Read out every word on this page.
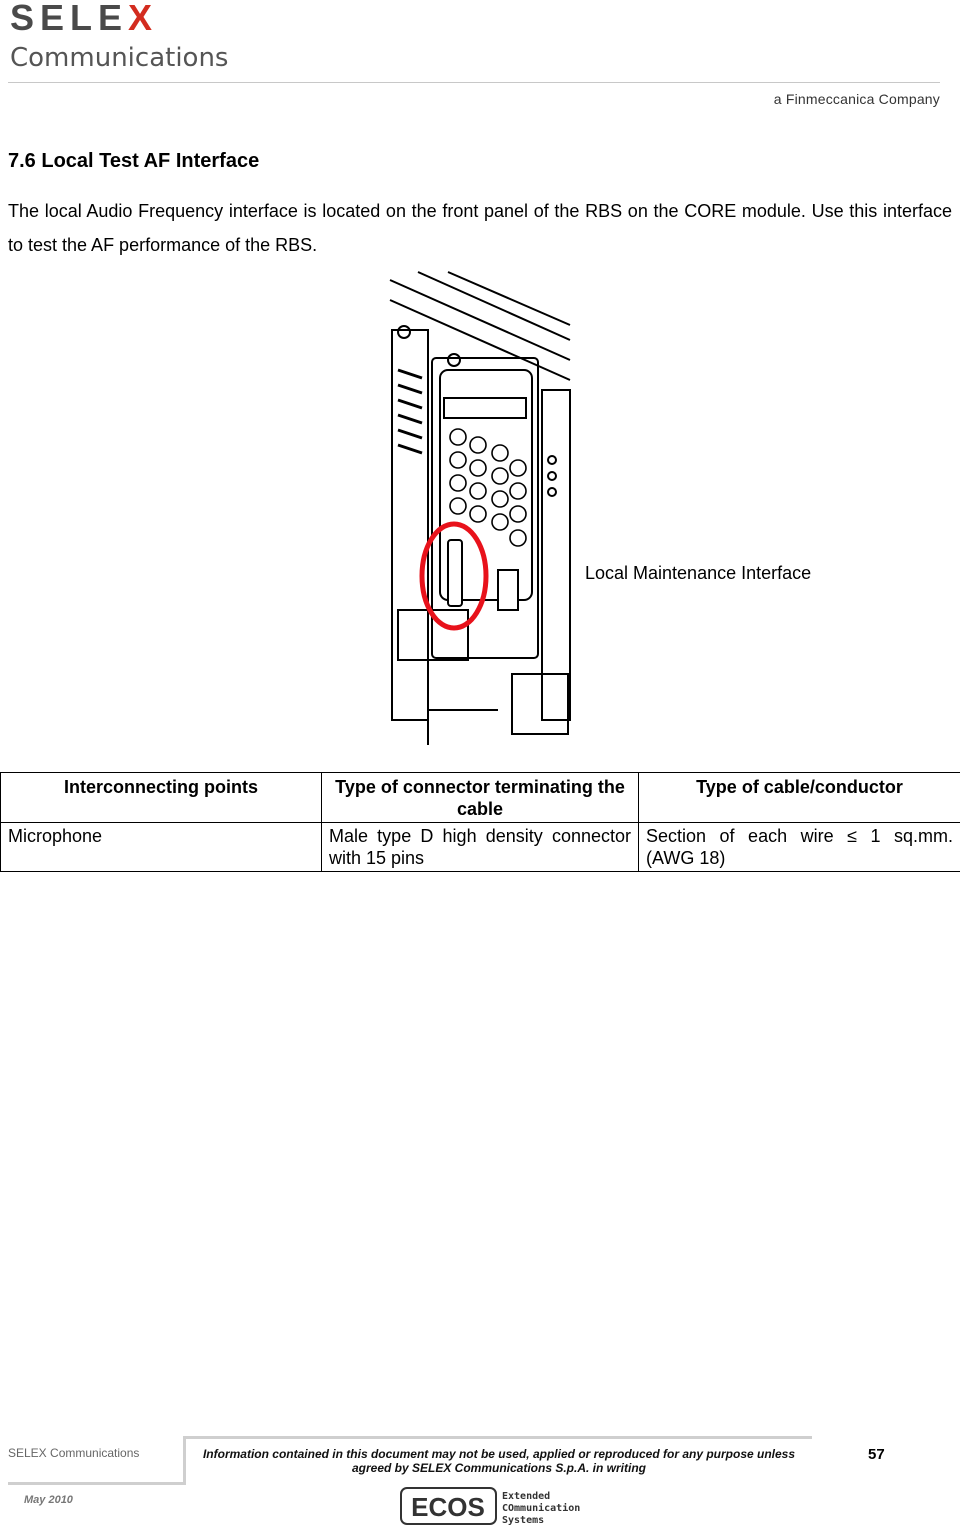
SELEX
Communications
a Finmeccanica Company
7.6 Local Test AF Interface
The local Audio Frequency interface is located on the front panel of the RBS on the CORE module. Use this interface to test the AF performance of the RBS.
Local Maintenance Interface
Interconnecting points	Type of connector terminating the cable	Type of cable/conductor
Microphone	Male type D high density connector with 15 pins	Section of each wire ≤ 1 sq.mm. (AWG 18)
SELEX Communications	Information contained in this document may not be used, applied or reproduced for any purpose unless agreed by SELEX Communications S.p.A. in writing
57
May 2010	ECOS Extended
COmmunication
Systems
